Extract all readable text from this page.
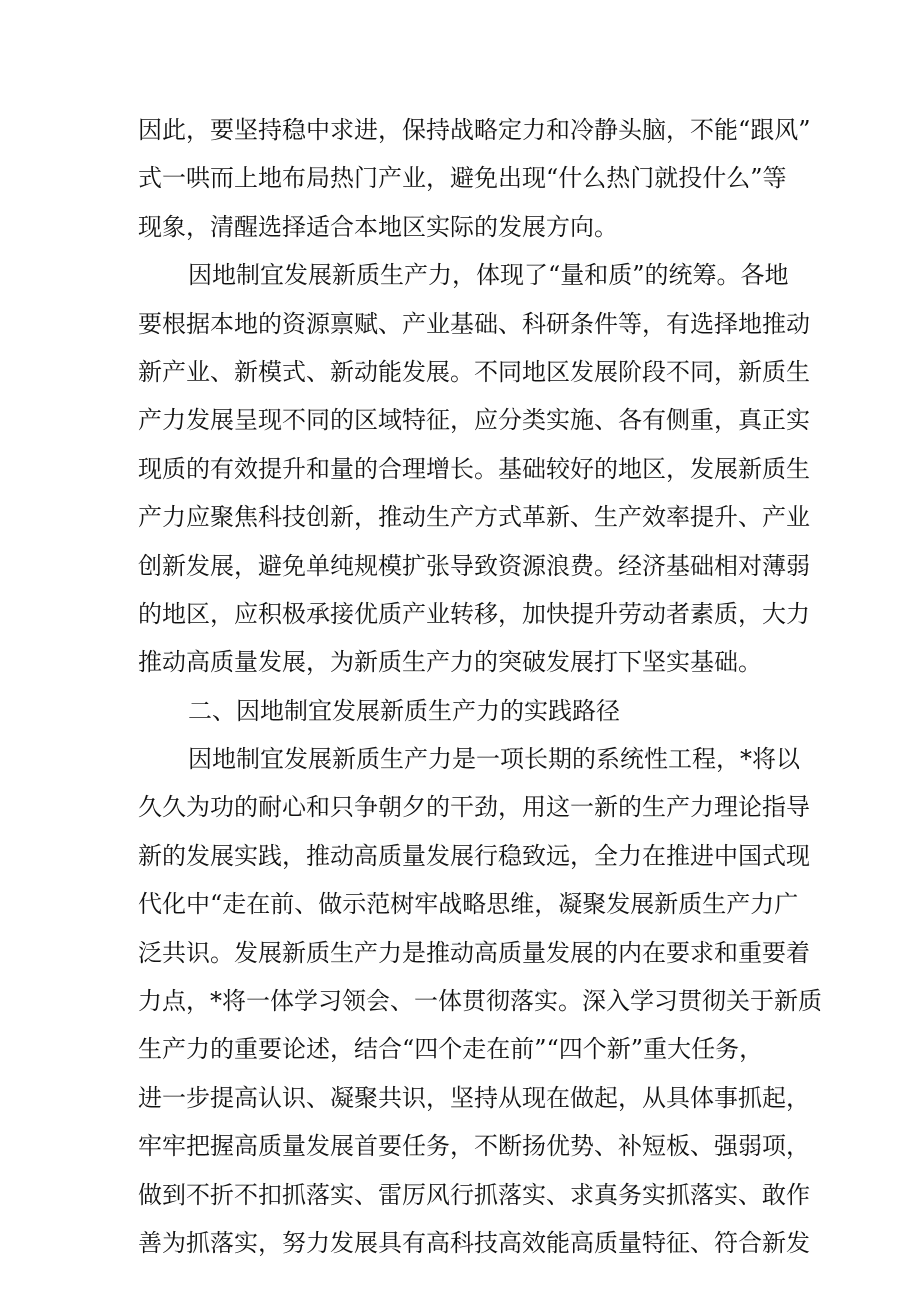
因此，要坚持稳中求进，保持战略定力和冷静头脑，不能“跟风”
式一哄而上地布局热门产业，避免出现“什么热门就投什么”等
现象，清醒选择适合本地区实际的发展方向。
因地制宜发展新质生产力，体现了“量和质”的统筹。各地
要根据本地的资源禀赋、产业基础、科研条件等，有选择地推动
新产业、新模式、新动能发展。不同地区发展阶段不同，新质生
产力发展呈现不同的区域特征，应分类实施、各有侧重，真正实
现质的有效提升和量的合理增长。基础较好的地区，发展新质生
产力应聚焦科技创新，推动生产方式革新、生产效率提升、产业
创新发展，避免单纯规模扩张导致资源浪费。经济基础相对薄弱
的地区，应积极承接优质产业转移，加快提升劳动者素质，大力
推动高质量发展，为新质生产力的突破发展打下坚实基础。
二、因地制宜发展新质生产力的实践路径
因地制宜发展新质生产力是一项长期的系统性工程，*将以
久久为功的耐心和只争朝夕的干劲，用这一新的生产力理论指导
新的发展实践，推动高质量发展行稳致远，全力在推进中国式现
代化中“走在前、做示范树牢战略思维，凝聚发展新质生产力广
泛共识。发展新质生产力是推动高质量发展的内在要求和重要着
力点，*将一体学习领会、一体贯彻落实。深入学习贯彻关于新质
生产力的重要论述，结合“四个走在前”“四个新”重大任务，
进一步提高认识、凝聚共识，坚持从现在做起，从具体事抓起，
牢牢把握高质量发展首要任务，不断扬优势、补短板、强弱项，
做到不折不扣抓落实、雷厉风行抓落实、求真务实抓落实、敢作
善为抓落实，努力发展具有高科技高效能高质量特征、符合新发
